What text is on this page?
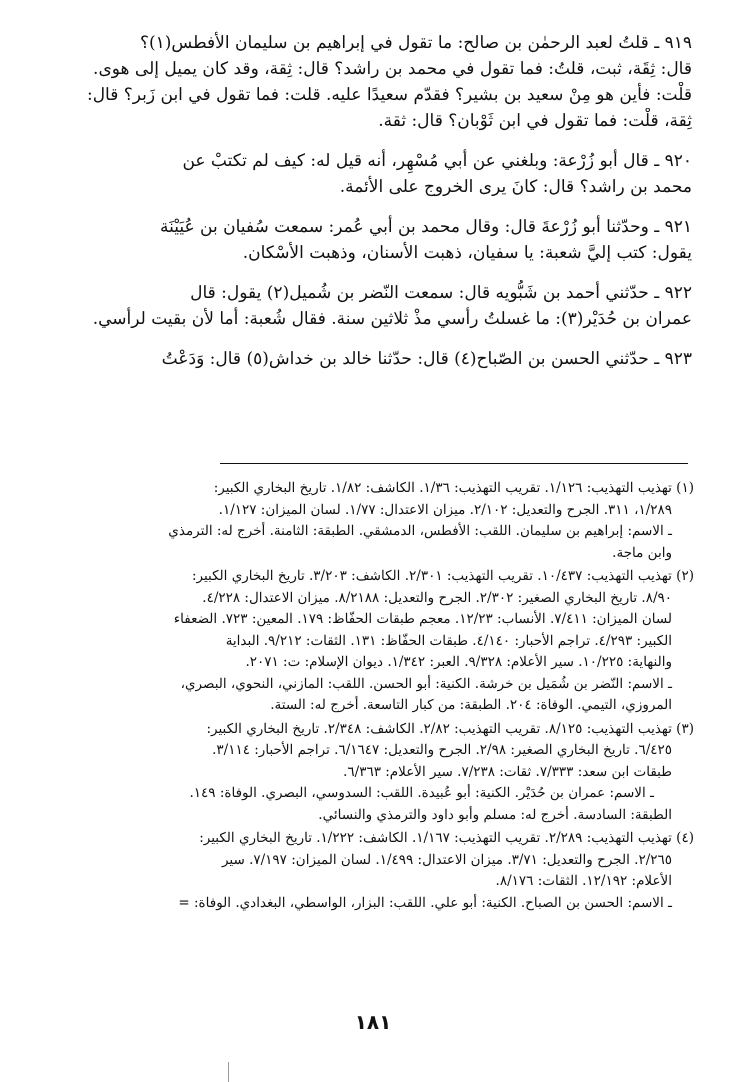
٩١٩ ـ قلتُ لعبد الرحمٰن بن صالح: ما تقول في إبراهيم بن سليمان الأفطس(١)؟
قال: ثِقَة، ثبت، قلتُ: فما تقول في محمد بن راشد؟ قال: ثِقة، وقد كان يميل إلى هوى.
قلْت: فأين هو مِنْ سعيد بن بشير؟ فقدّم سعيدًا عليه. قلت: فما تقول في ابن زَبر؟ قال:
ثِقة، قلْت: فما تقول في ابن ثَوْبان؟ قال: ثقة.
٩٢٠ ـ قال أبو زُرْعة: وبلغني عن أبي مُسْهِر، أنه قيل له: كيف لم تكتبْ عن
محمد بن راشد؟ قال: كانَ يرى الخروج على الأئمة.
٩٢١ ـ وحدّثنا أبو زُرْعةَ قال: وقال محمد بن أبي عُمر: سمعت سُفيان بن عُيَيْنَة
يقول: كتب إليَّ شعبة: يا سفيان، ذهبت الأسنان، وذهبت الأسْكان.
٩٢٢ ـ حدّثني أحمد بن شَبُّويه قال: سمعت النّضر بن شُميل(٢) يقول: قال
عمران بن حُدَيْر(٣): ما غسلتُ رأسي مذْ ثلاثين سنة. فقال شُعبة: أما لأن بقيت لرأسي.
٩٢٣ ـ حدّثني الحسن بن الصّباح(٤) قال: حدّثنا خالد بن خداش(٥) قال: وَدَعْتُ
(١) تهذيب التهذيب: ١/١٢٦. تقريب التهذيب: ١/٣٦. الكاشف: ١/٨٢. تاريخ البخاري الكبير:
١/٢٨٩، ٣١١. الجرح والتعديل: ٢/١٠٢. ميزان الاعتدال: ١/٧٧. لسان الميزان: ١/١٢٧.
ـ الاسم: إبراهيم بن سليمان. اللقب: الأفطس، الدمشقي. الطبقة: الثامنة. أخرج له: الترمذي
وابن ماجة.
(٢) تهذيب التهذيب: ١٠/٤٣٧. تقريب التهذيب: ٢/٣٠١. الكاشف: ٣/٢٠٣. تاريخ البخاري الكبير:
٨/٩٠. تاريخ البخاري الصغير: ٢/٣٠٢. الجرح والتعديل: ٨/٢١٨٨. ميزان الاعتدال: ٤/٢٢٨.
لسان الميزان: ٧/٤١١. الأنساب: ١٢/٢٣. معجم طبقات الحفّاظ: ١٧٩. المعين: ٧٢٣. الضعفاء
الكبير: ٤/٢٩٣. تراجم الأحبار: ٤/١٤٠. طبقات الحفّاظ: ١٣١. الثقات: ٩/٢١٢. البداية
والنهاية: ١٠/٢٢٥. سير الأعلام: ٩/٣٢٨. العبر: ١/٣٤٢. ديوان الإسلام: ت: ٢٠٧١.
ـ الاسم: النّضر بن شُمَيل بن خرشة. الكنية: أبو الحسن. اللقب: المازني، النحوي، البصري،
المروزي، التيمي. الوفاة: ٢٠٤. الطبقة: من كبار التاسعة. أخرج له: الستة.
(٣) تهذيب التهذيب: ٨/١٢٥. تقريب التهذيب: ٢/٨٢. الكاشف: ٢/٣٤٨. تاريخ البخاري الكبير:
٦/٤٢٥. تاريخ البخاري الصغير: ٢/٩٨. الجرح والتعديل: ٦/١٦٤٧. تراجم الأحبار: ٣/١١٤.
طبقات ابن سعد: ٧/٣٣٣. ثقات: ٧/٢٣٨. سير الأعلام: ٦/٣٦٣.
ـ الاسم: عمران بن حُدَيْر. الكنية: أبو عُبيدة. اللقب: السدوسي، البصري. الوفاة: ١٤٩.
الطبقة: السادسة. أخرج له: مسلم وأبو داود والترمذي والنسائي.
(٤) تهذيب التهذيب: ٢/٢٨٩. تقريب التهذيب: ١/١٦٧. الكاشف: ١/٢٢٢. تاريخ البخاري الكبير:
٢/٢٦٥. الجرح والتعديل: ٣/٧١. ميزان الاعتدال: ١/٤٩٩. لسان الميزان: ٧/١٩٧. سير
الأعلام: ١٢/١٩٢. الثقات: ٨/١٧٦.
ـ الاسم: الحسن بن الصباح. الكنية: أبو علي. اللقب: البزار، الواسطي، البغدادي. الوفاة: =
١٨١
